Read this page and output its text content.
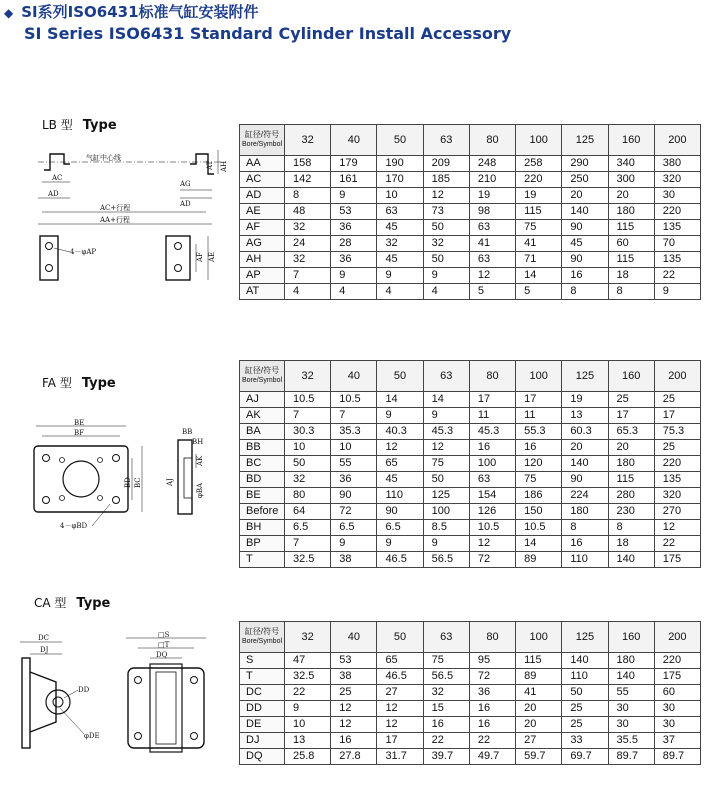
◆ SI系列ISO6431标准气缸安装附件
SI Series ISO6431 Standard Cylinder Install Accessory
LB 型 Type
气缸中心线
AC
AD
AC+行程
AA+行程
AG
AD
AT AH
4－φAP
AF AE
缸径/符号
Bore/Symbol	32	40	50	63	80	100	125	160	200
AA	158	179	190	209	248	258	290	340	380
AC	142	161	170	185	210	220	250	300	320
AD	8	9	10	12	19	19	20	20	30
AE	48	53	63	73	98	115	140	180	220
AF	32	36	45	50	63	75	90	115	135
AG	24	28	32	32	41	41	45	60	70
AH	32	36	45	50	63	71	90	115	135
AP	7	9	9	9	12	14	16	18	22
AT	4	4	4	4	5	5	8	8	9
FA 型 Type
BE
BF
BD BC
4－φBD
BB
BH
AK
AJ
φBA
缸径/符号
Bore/Symbol	32	40	50	63	80	100	125	160	200
AJ	10.5	10.5	14	14	17	17	19	25	25
AK	7	7	9	9	11	11	13	17	17
BA	30.3	35.3	40.3	45.3	45.3	55.3	60.3	65.3	75.3
BB	10	10	12	12	16	16	20	20	25
BC	50	55	65	75	100	120	140	180	220
BD	32	36	45	50	63	75	90	115	135
BE	80	90	110	125	154	186	224	280	320
Before	64	72	90	100	126	150	180	230	270
BH	6.5	6.5	6.5	8.5	10.5	10.5	8	8	12
BP	7	9	9	9	12	14	16	18	22
T	32.5	38	46.5	56.5	72	89	110	140	175
CA 型 Type
DC
DJ
DD
φDE
□S
□T
DQ
缸径/符号
Bore/Symbol	32	40	50	63	80	100	125	160	200
S	47	53	65	75	95	115	140	180	220
T	32.5	38	46.5	56.5	72	89	110	140	175
DC	22	25	27	32	36	41	50	55	60
DD	9	12	12	15	16	20	25	30	30
DE	10	12	12	16	16	20	25	30	30
DJ	13	16	17	22	22	27	33	35.5	37
DQ	25.8	27.8	31.7	39.7	49.7	59.7	69.7	89.7	89.7
